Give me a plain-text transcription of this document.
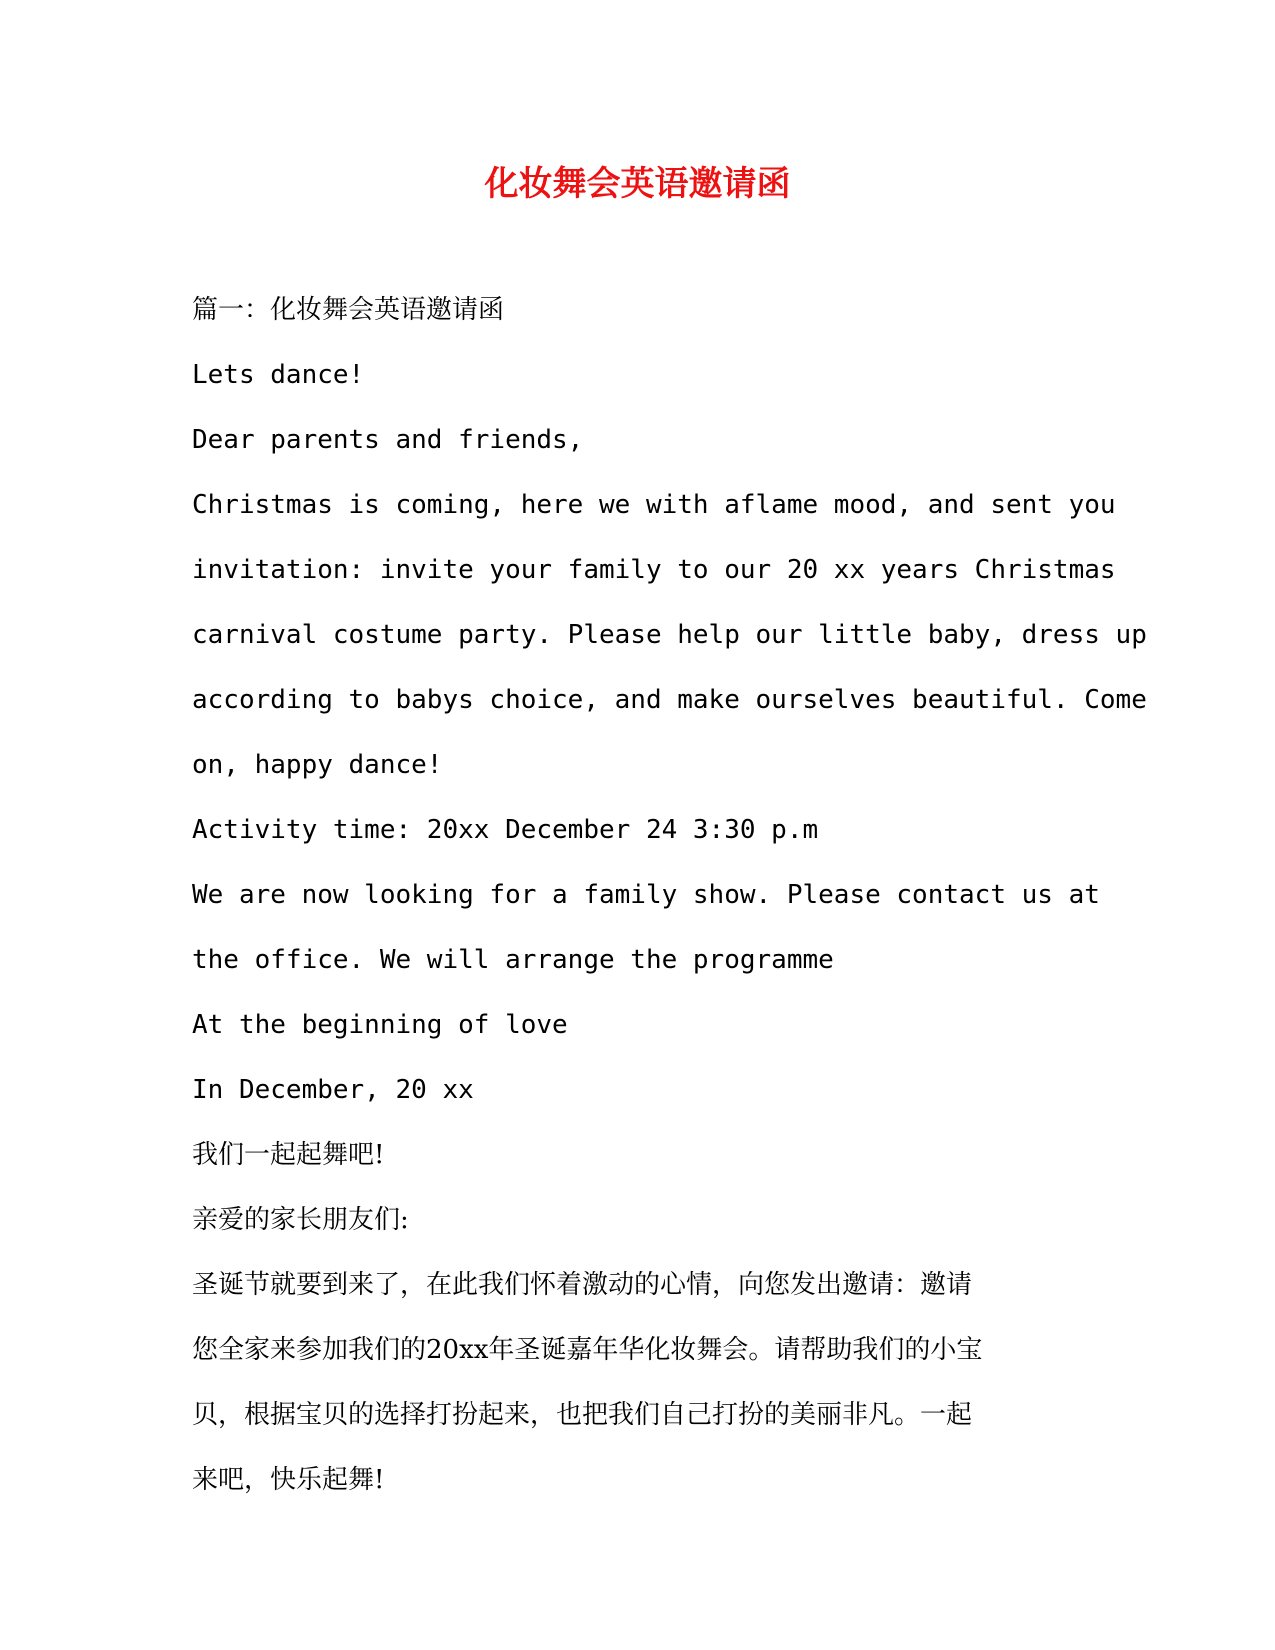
化妆舞会英语邀请函

篇一：化妆舞会英语邀请函

Lets dance!

Dear parents and friends,

Christmas is coming, here we with aflame mood, and sent you

invitation: invite your family to our 20 xx years Christmas

carnival costume party. Please help our little baby, dress up

according to babys choice, and make ourselves beautiful. Come

on, happy dance!

Activity time: 20xx December 24 3:30 p.m

We are now looking for a family show. Please contact us at

the office. We will arrange the programme

At the beginning of love

In December, 20 xx

我们一起起舞吧!

亲爱的家长朋友们:

圣诞节就要到来了，在此我们怀着激动的心情，向您发出邀请：邀请

您全家来参加我们的20xx年圣诞嘉年华化妆舞会。请帮助我们的小宝

贝，根据宝贝的选择打扮起来，也把我们自己打扮的美丽非凡。一起

来吧，快乐起舞!
